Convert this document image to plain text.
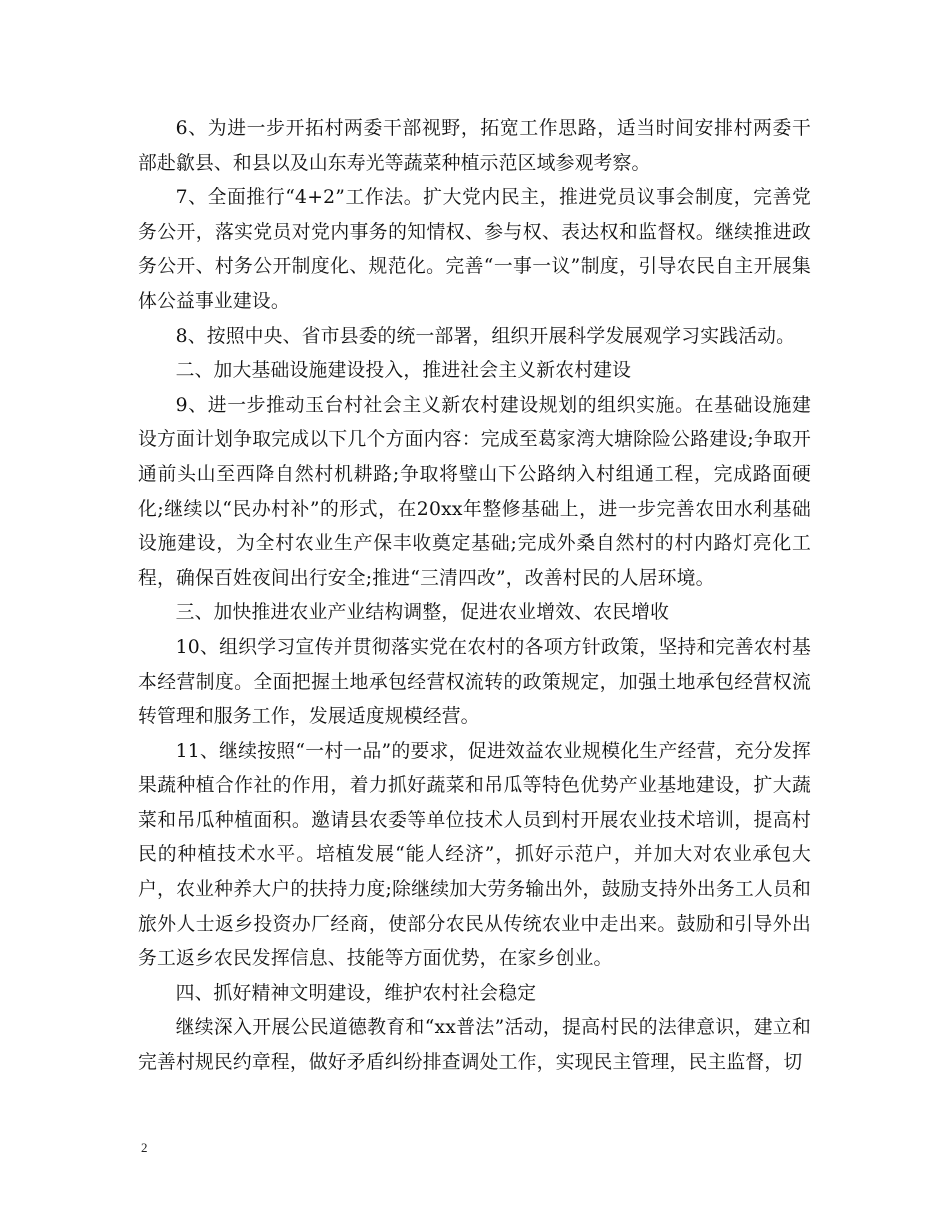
6、为进一步开拓村两委干部视野，拓宽工作思路，适当时间安排村两委干部赴歙县、和县以及山东寿光等蔬菜种植示范区域参观考察。

7、全面推行“4+2”工作法。扩大党内民主，推进党员议事会制度，完善党务公开，落实党员对党内事务的知情权、参与权、表达权和监督权。继续推进政务公开、村务公开制度化、规范化。完善“一事一议”制度，引导农民自主开展集体公益事业建设。

8、按照中央、省市县委的统一部署，组织开展科学发展观学习实践活动。

二、加大基础设施建设投入，推进社会主义新农村建设

9、进一步推动玉台村社会主义新农村建设规划的组织实施。在基础设施建设方面计划争取完成以下几个方面内容：完成至葛家湾大塘除险公路建设;争取开通前头山至西降自然村机耕路;争取将璧山下公路纳入村组通工程，完成路面硬化;继续以“民办村补”的形式，在20xx年整修基础上，进一步完善农田水利基础设施建设，为全村农业生产保丰收奠定基础;完成外桑自然村的村内路灯亮化工程，确保百姓夜间出行安全;推进“三清四改”，改善村民的人居环境。

三、加快推进农业产业结构调整，促进农业增效、农民增收

10、组织学习宣传并贯彻落实党在农村的各项方针政策，坚持和完善农村基本经营制度。全面把握土地承包经营权流转的政策规定，加强土地承包经营权流转管理和服务工作，发展适度规模经营。

11、继续按照“一村一品”的要求，促进效益农业规模化生产经营，充分发挥果蔬种植合作社的作用，着力抓好蔬菜和吊瓜等特色优势产业基地建设，扩大蔬菜和吊瓜种植面积。邀请县农委等单位技术人员到村开展农业技术培训，提高村民的种植技术水平。培植发展“能人经济”，抓好示范户，并加大对农业承包大户，农业种养大户的扶持力度;除继续加大劳务输出外，鼓励支持外出务工人员和旅外人士返乡投资办厂经商，使部分农民从传统农业中走出来。鼓励和引导外出务工返乡农民发挥信息、技能等方面优势，在家乡创业。

四、抓好精神文明建设，维护农村社会稳定

继续深入开展公民道德教育和“xx普法”活动，提高村民的法律意识，建立和完善村规民约章程，做好矛盾纠纷排查调处工作，实现民主管理，民主监督，切

2
